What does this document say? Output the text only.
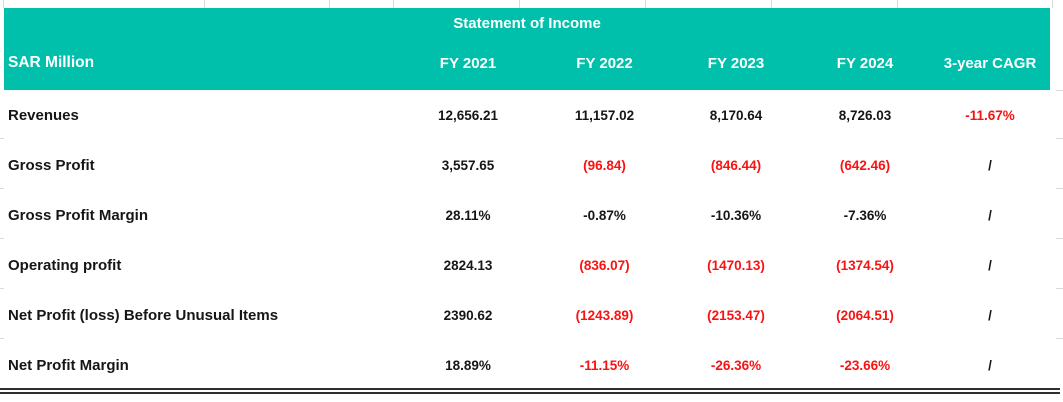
Statement of Income					
SAR Million	FY 2021	FY 2022	FY 2023	FY 2024	3-year CAGR
Revenues	12,656.21	11,157.02	8,170.64	8,726.03	-11.67%
Gross Profit	3,557.65	(96.84)	(846.44)	(642.46)	/
Gross Profit Margin	28.11%	-0.87%	-10.36%	-7.36%	/
Operating profit	2824.13	(836.07)	(1470.13)	(1374.54)	/
Net Profit (loss) Before Unusual Items	2390.62	(1243.89)	(2153.47)	(2064.51)	/
Net Profit Margin	18.89%	-11.15%	-26.36%	-23.66%	/
